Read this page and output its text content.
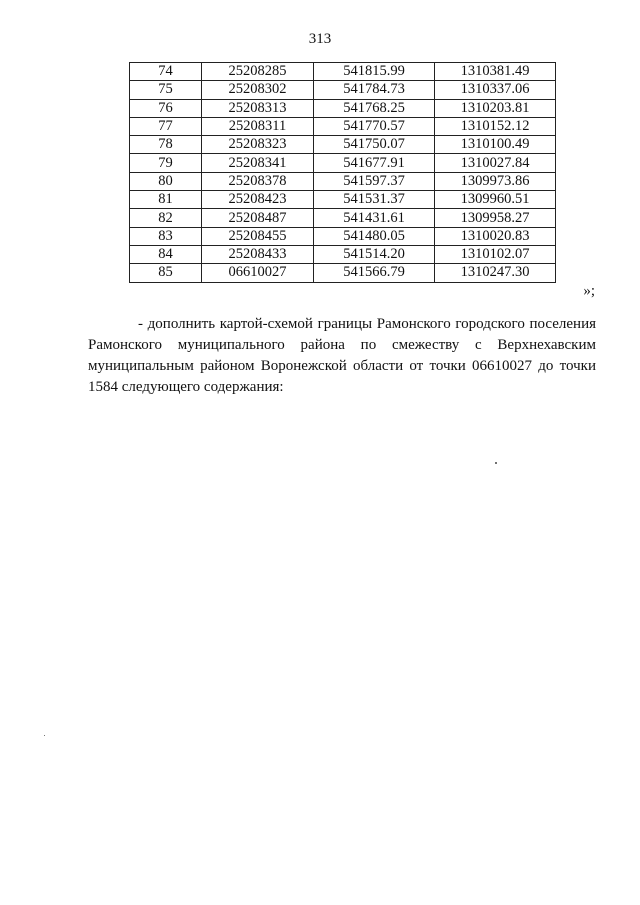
313
74	25208285	541815.99	1310381.49
75	25208302	541784.73	1310337.06
76	25208313	541768.25	1310203.81
77	25208311	541770.57	1310152.12
78	25208323	541750.07	1310100.49
79	25208341	541677.91	1310027.84
80	25208378	541597.37	1309973.86
81	25208423	541531.37	1309960.51
82	25208487	541431.61	1309958.27
83	25208455	541480.05	1310020.83
84	25208433	541514.20	1310102.07
85	06610027	541566.79	1310247.30
»;

- дополнить картой-схемой границы Рамонского городского поселения Рамонского муниципального района по смежеству с Верхнехавским муниципальным районом Воронежской области от точки 06610027 до точки 1584 следующего содержания:
